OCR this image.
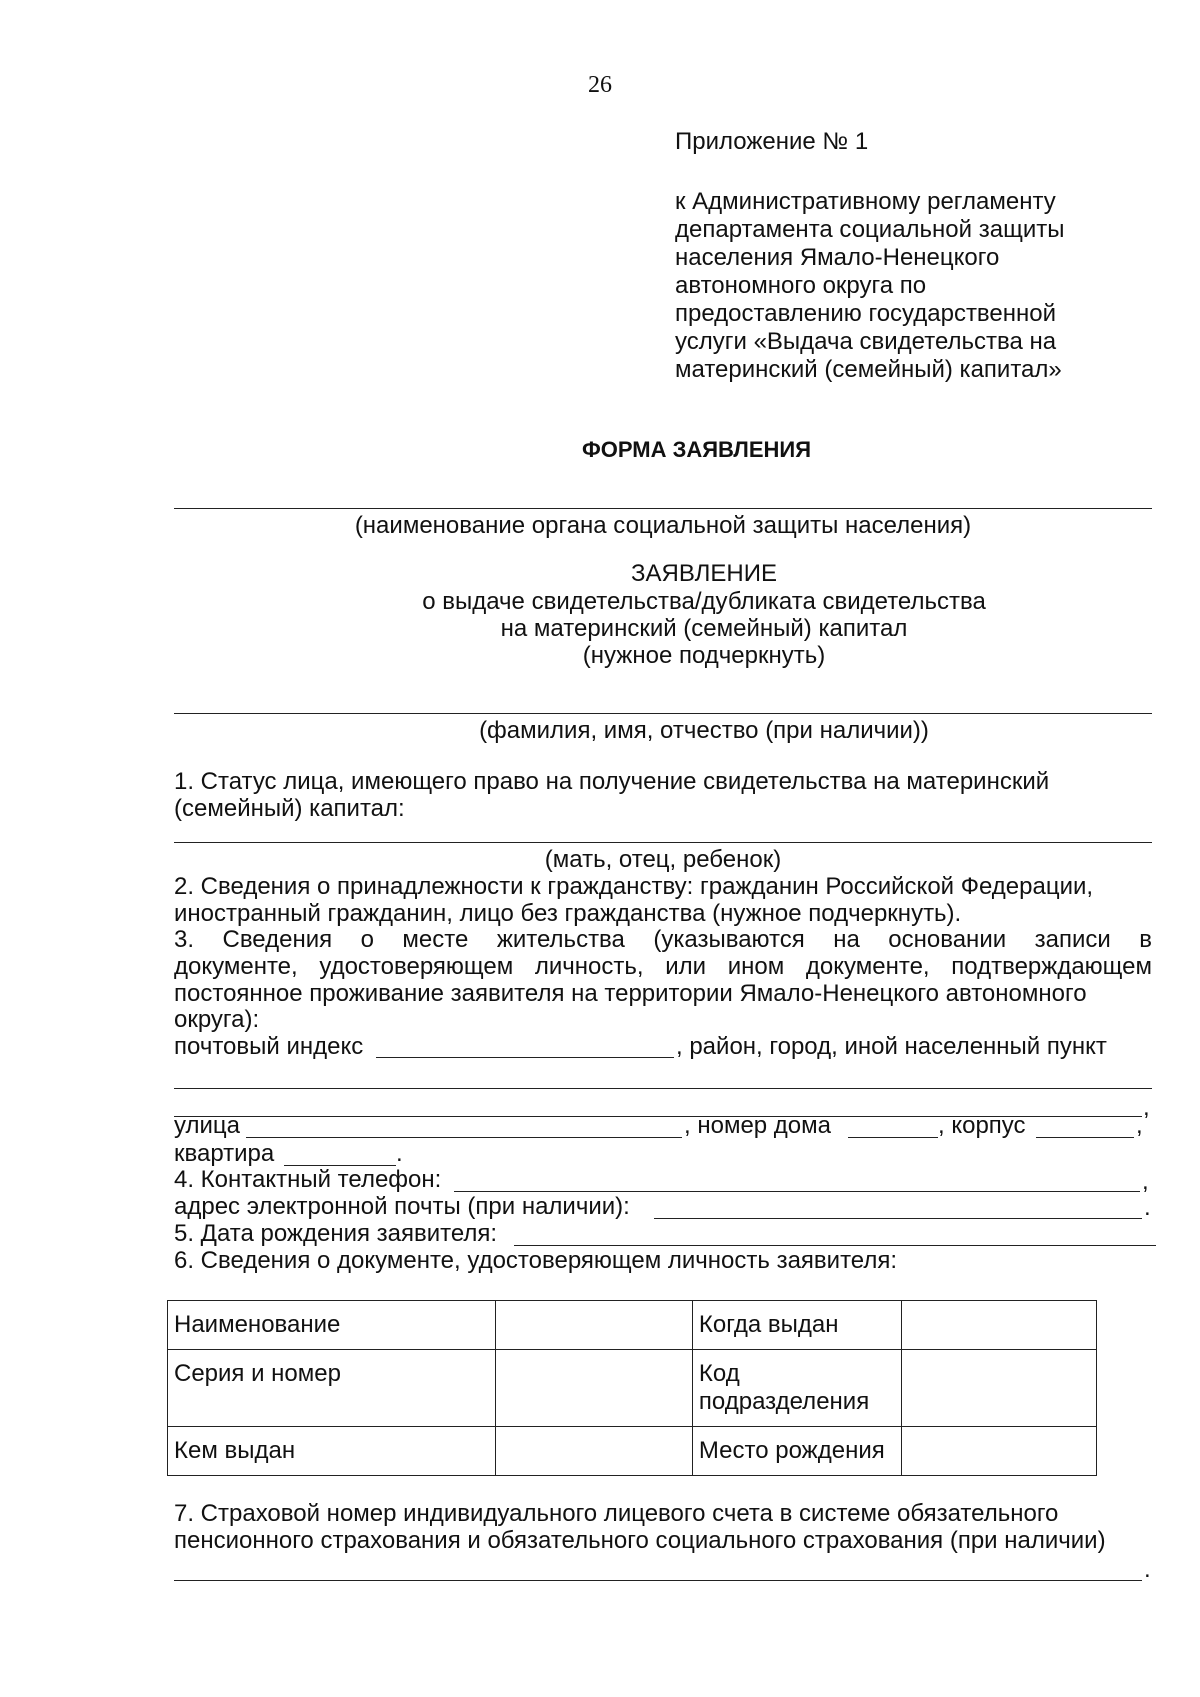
26
Приложение № 1
к Административному регламенту
департамента социальной защиты
населения Ямало-Ненецкого
автономного округа по
предоставлению государственной
услуги «Выдача свидетельства на
материнский (семейный) капитал»
ФОРМА ЗАЯВЛЕНИЯ
(наименование органа социальной защиты населения)
ЗАЯВЛЕНИЕ
о выдаче свидетельства/дубликата свидетельства
на материнский (семейный) капитал
(нужное подчеркнуть)
(фамилия, имя, отчество (при наличии))
1. Статус лица, имеющего право на получение свидетельства на материнский
(семейный) капитал:
(мать, отец, ребенок)
2. Сведения о принадлежности к гражданству: гражданин Российской Федерации,
иностранный гражданин, лицо без гражданства (нужное подчеркнуть).
3. Сведения о месте жительства (указываются на основании записи в
документе, удостоверяющем личность, или ином документе, подтверждающем
постоянное проживание заявителя на территории Ямало-Ненецкого автономного
округа):
почтовый индекс	, район, город, иной населенный пункт
,
улица	, номер дома	, корпус	,
квартира	.
4. Контактный телефон:	,
адрес электронной почты (при наличии):	.
5. Дата рождения заявителя:
6. Сведения о документе, удостоверяющем личность заявителя:
Наименование		Когда выдан	
Серия и номер		Код подразделения	
Кем выдан		Место рождения	
7. Страховой номер индивидуального лицевого счета в системе обязательного
пенсионного страхования и обязательного социального страхования (при наличии)
.
